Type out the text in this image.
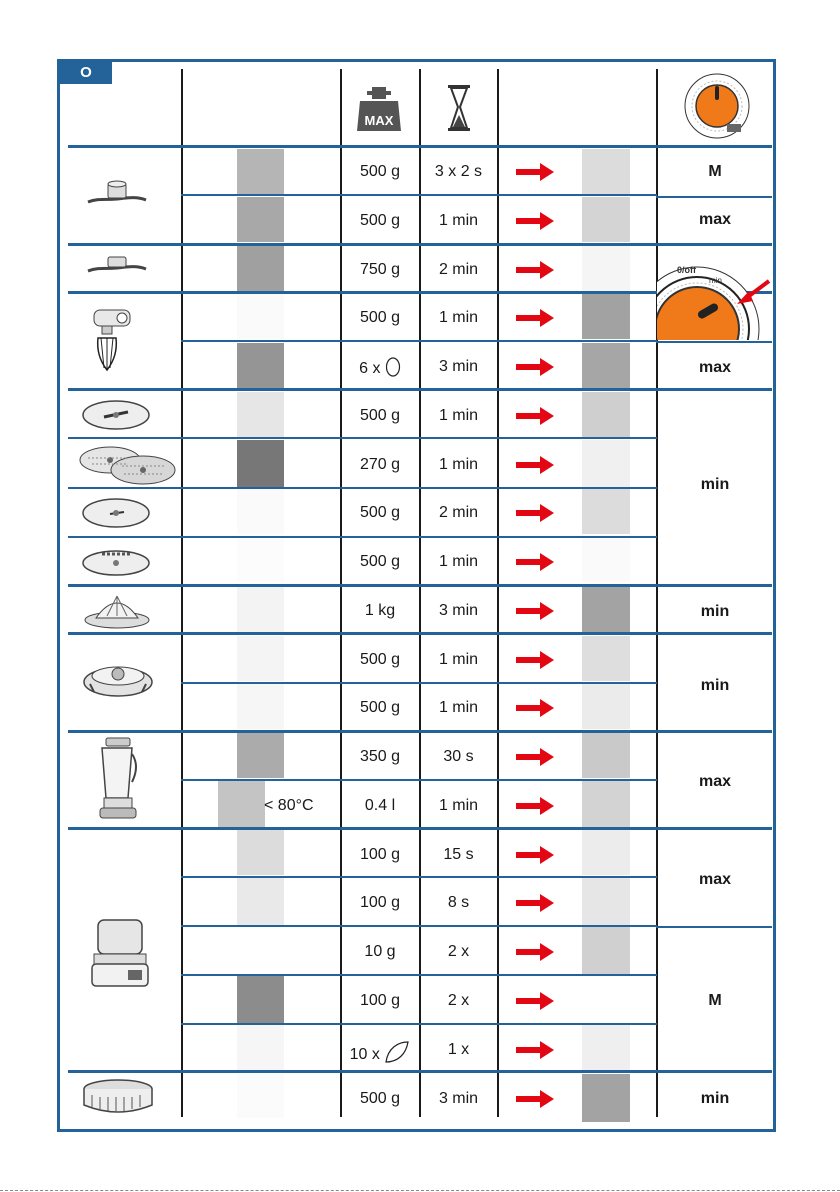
O
MAX
0/off
min
500 g
500 g
750 g
500 g
6 x
500 g
270 g
500 g
500 g
1 kg
500 g
500 g
350 g
0.4 l
100 g
100 g
10 g
100 g
10 x
500 g
< 80°C
3 x 2 s
1 min
2 min
1 min
3 min
1 min
1 min
2 min
1 min
3 min
1 min
1 min
30 s
1 min
15 s
8 s
2 x
2 x
1 x
3 min
M
max
max
min
min
min
max
max
M
min
